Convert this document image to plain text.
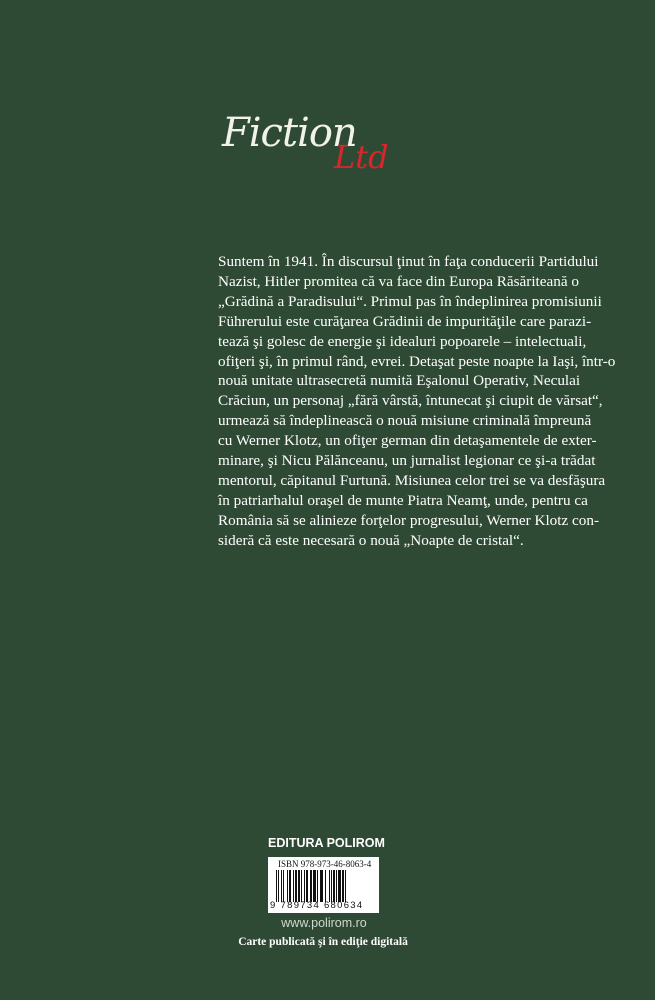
Fiction
Ltd
Suntem în 1941. În discursul ţinut în faţa conducerii Partidului
Nazist, Hitler promitea că va face din Europa Răsăriteană o
„Grădină a Paradisului“. Primul pas în îndeplinirea promisiunii
Führerului este curăţarea Grădinii de impurităţile care parazi-
tează şi golesc de energie şi idealuri popoarele – intelectuali,
ofiţeri şi, în primul rând, evrei. Detaşat peste noapte la Iaşi, într-o
nouă unitate ultrasecretă numită Eşalonul Operativ, Neculai
Crăciun, un personaj „fără vârstă, întunecat şi ciupit de vărsat“,
urmează să îndeplinească o nouă misiune criminală împreună
cu Werner Klotz, un ofiţer german din detaşamentele de exter-
minare, şi Nicu Pălănceanu, un jurnalist legionar ce şi-a trădat
mentorul, căpitanul Furtună. Misiunea celor trei se va desfăşura
în patriarhalul oraşel de munte Piatra Neamţ, unde, pentru ca
România să se alinieze forţelor progresului, Werner Klotz con-
sideră că este necesară o nouă „Noapte de cristal“.
EDITURA POLIROM
ISBN 978-973-46-8063-4
9 789734 680634
www.polirom.ro
Carte publicată şi în ediţie digitală
